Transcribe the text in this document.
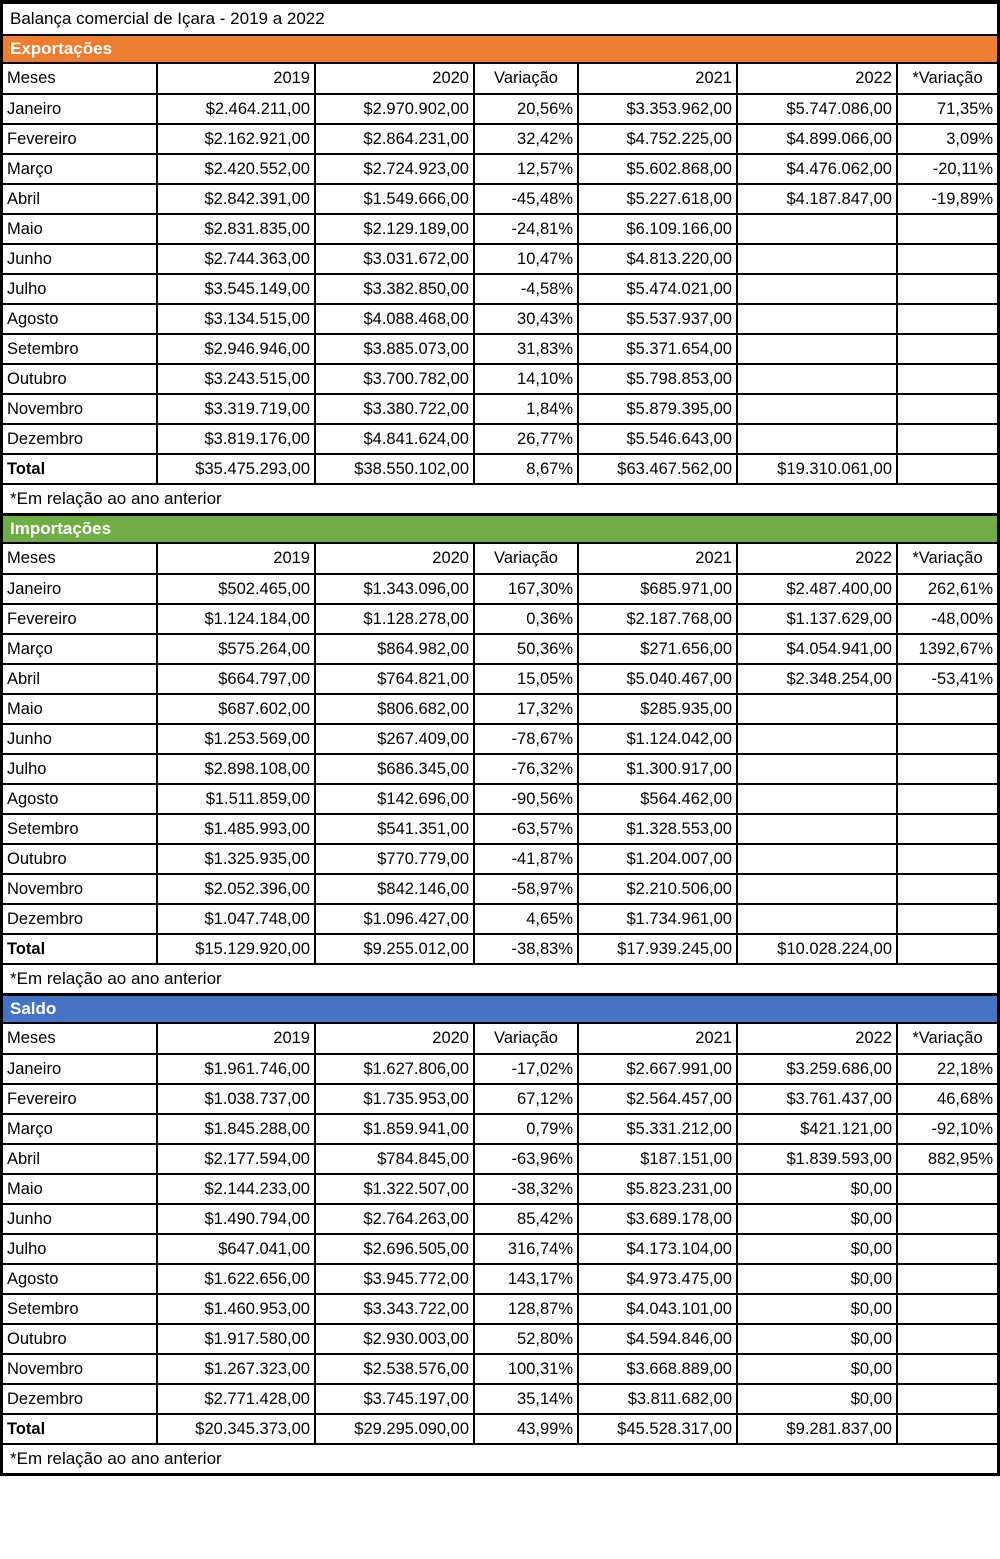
Balança comercial de Içara - 2019 a 2022
Exportações
Meses	2019	2020	Variação	2021	2022	*Variação
Janeiro	$2.464.211,00	$2.970.902,00	20,56%	$3.353.962,00	$5.747.086,00	71,35%
Fevereiro	$2.162.921,00	$2.864.231,00	32,42%	$4.752.225,00	$4.899.066,00	3,09%
Março	$2.420.552,00	$2.724.923,00	12,57%	$5.602.868,00	$4.476.062,00	-20,11%
Abril	$2.842.391,00	$1.549.666,00	-45,48%	$5.227.618,00	$4.187.847,00	-19,89%
Maio	$2.831.835,00	$2.129.189,00	-24,81%	$6.109.166,00		
Junho	$2.744.363,00	$3.031.672,00	10,47%	$4.813.220,00		
Julho	$3.545.149,00	$3.382.850,00	-4,58%	$5.474.021,00		
Agosto	$3.134.515,00	$4.088.468,00	30,43%	$5.537.937,00		
Setembro	$2.946.946,00	$3.885.073,00	31,83%	$5.371.654,00		
Outubro	$3.243.515,00	$3.700.782,00	14,10%	$5.798.853,00		
Novembro	$3.319.719,00	$3.380.722,00	1,84%	$5.879.395,00		
Dezembro	$3.819.176,00	$4.841.624,00	26,77%	$5.546.643,00		
Total	$35.475.293,00	$38.550.102,00	8,67%	$63.467.562,00	$19.310.061,00	
*Em relação ao ano anterior
Importações
Meses	2019	2020	Variação	2021	2022	*Variação
Janeiro	$502.465,00	$1.343.096,00	167,30%	$685.971,00	$2.487.400,00	262,61%
Fevereiro	$1.124.184,00	$1.128.278,00	0,36%	$2.187.768,00	$1.137.629,00	-48,00%
Março	$575.264,00	$864.982,00	50,36%	$271.656,00	$4.054.941,00	1392,67%
Abril	$664.797,00	$764.821,00	15,05%	$5.040.467,00	$2.348.254,00	-53,41%
Maio	$687.602,00	$806.682,00	17,32%	$285.935,00		
Junho	$1.253.569,00	$267.409,00	-78,67%	$1.124.042,00		
Julho	$2.898.108,00	$686.345,00	-76,32%	$1.300.917,00		
Agosto	$1.511.859,00	$142.696,00	-90,56%	$564.462,00		
Setembro	$1.485.993,00	$541.351,00	-63,57%	$1.328.553,00		
Outubro	$1.325.935,00	$770.779,00	-41,87%	$1.204.007,00		
Novembro	$2.052.396,00	$842.146,00	-58,97%	$2.210.506,00		
Dezembro	$1.047.748,00	$1.096.427,00	4,65%	$1.734.961,00		
Total	$15.129.920,00	$9.255.012,00	-38,83%	$17.939.245,00	$10.028.224,00	
*Em relação ao ano anterior
Saldo
Meses	2019	2020	Variação	2021	2022	*Variação
Janeiro	$1.961.746,00	$1.627.806,00	-17,02%	$2.667.991,00	$3.259.686,00	22,18%
Fevereiro	$1.038.737,00	$1.735.953,00	67,12%	$2.564.457,00	$3.761.437,00	46,68%
Março	$1.845.288,00	$1.859.941,00	0,79%	$5.331.212,00	$421.121,00	-92,10%
Abril	$2.177.594,00	$784.845,00	-63,96%	$187.151,00	$1.839.593,00	882,95%
Maio	$2.144.233,00	$1.322.507,00	-38,32%	$5.823.231,00	$0,00	
Junho	$1.490.794,00	$2.764.263,00	85,42%	$3.689.178,00	$0,00	
Julho	$647.041,00	$2.696.505,00	316,74%	$4.173.104,00	$0,00	
Agosto	$1.622.656,00	$3.945.772,00	143,17%	$4.973.475,00	$0,00	
Setembro	$1.460.953,00	$3.343.722,00	128,87%	$4.043.101,00	$0,00	
Outubro	$1.917.580,00	$2.930.003,00	52,80%	$4.594.846,00	$0,00	
Novembro	$1.267.323,00	$2.538.576,00	100,31%	$3.668.889,00	$0,00	
Dezembro	$2.771.428,00	$3.745.197,00	35,14%	$3.811.682,00	$0,00	
Total	$20.345.373,00	$29.295.090,00	43,99%	$45.528.317,00	$9.281.837,00	
*Em relação ao ano anterior
